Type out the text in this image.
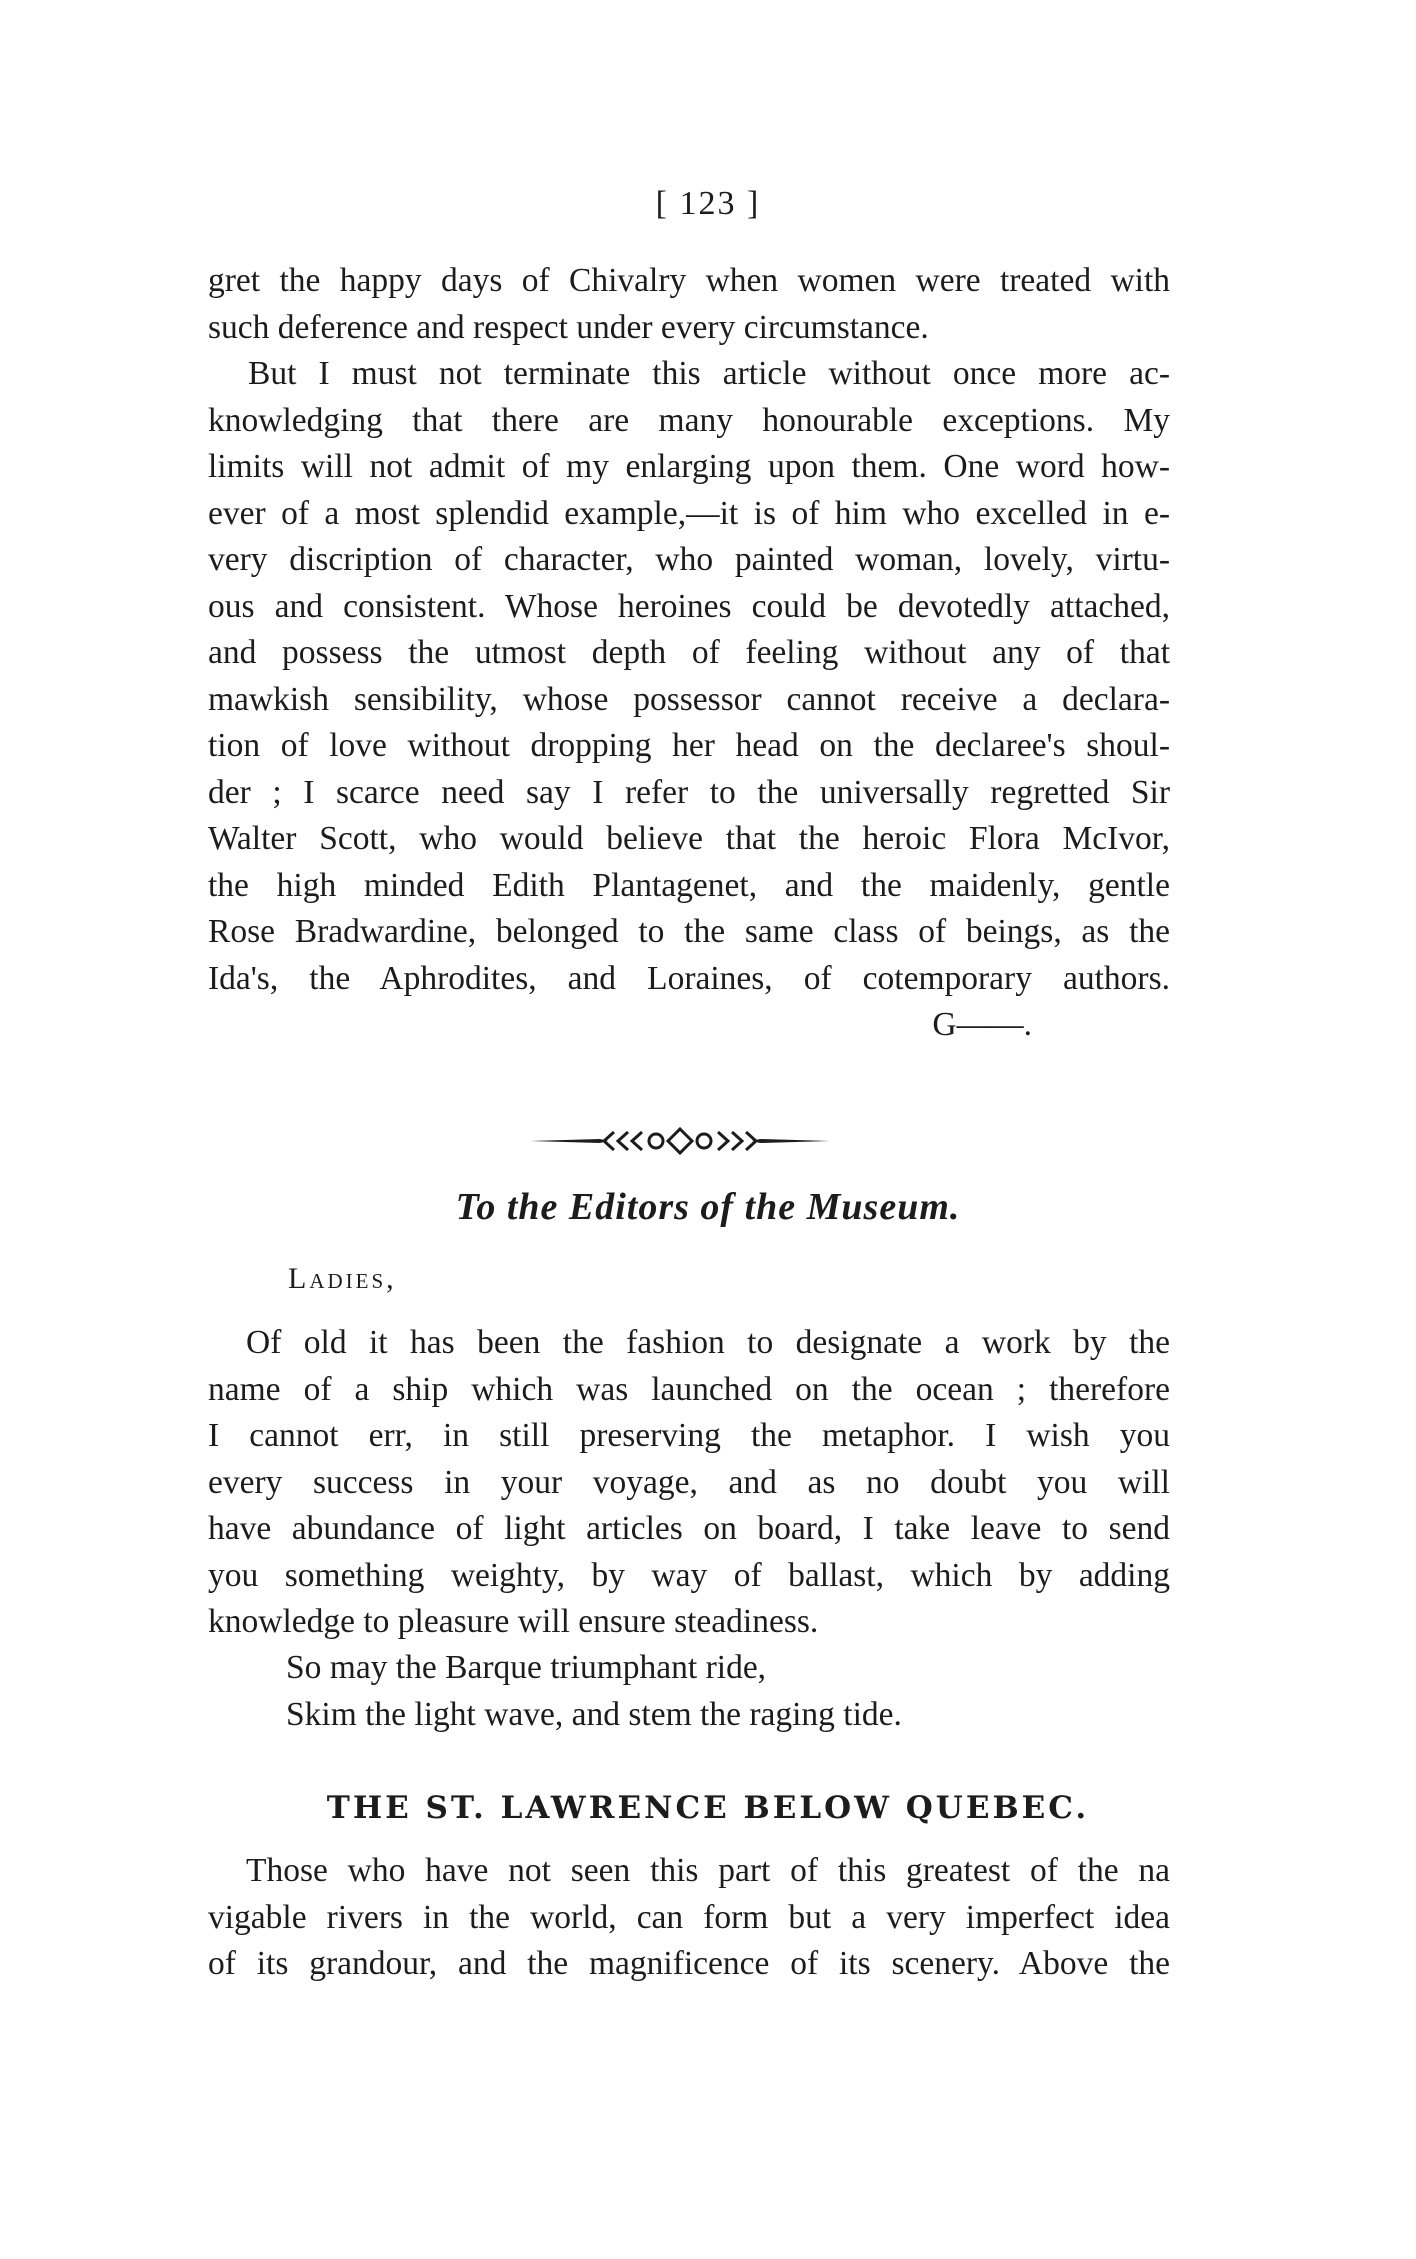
[ 123 ]
gret the happy days of Chivalry when women were treated with
such deference and respect under every circumstance.
But I must not terminate this article without once more ac-
knowledging that there are many honourable exceptions. My
limits will not admit of my enlarging upon them. One word how-
ever of a most splendid example,—it is of him who excelled in e-
very discription of character, who painted woman, lovely, virtu-
ous and consistent. Whose heroines could be devotedly attached,
and possess the utmost depth of feeling without any of that
mawkish sensibility, whose possessor cannot receive a declara-
tion of love without dropping her head on the declaree's shoul-
der ; I scarce need say I refer to the universally regretted Sir
Walter Scott, who would believe that the heroic Flora McIvor,
the high minded Edith Plantagenet, and the maidenly, gentle
Rose Bradwardine, belonged to the same class of beings, as the
Ida's, the Aphrodites, and Loraines, of cotemporary authors.
G——.
To the Editors of the Museum.
Ladies,
Of old it has been the fashion to designate a work by the
name of a ship which was launched on the ocean ; therefore
I cannot err, in still preserving the metaphor. I wish you
every success in your voyage, and as no doubt you will
have abundance of light articles on board, I take leave to send
you something weighty, by way of ballast, which by adding
knowledge to pleasure will ensure steadiness.
So may the Barque triumphant ride,
Skim the light wave, and stem the raging tide.
THE ST. LAWRENCE BELOW QUEBEC.
Those who have not seen this part of this greatest of the na
vigable rivers in the world, can form but a very imperfect idea
of its grandour, and the magnificence of its scenery. Above the
